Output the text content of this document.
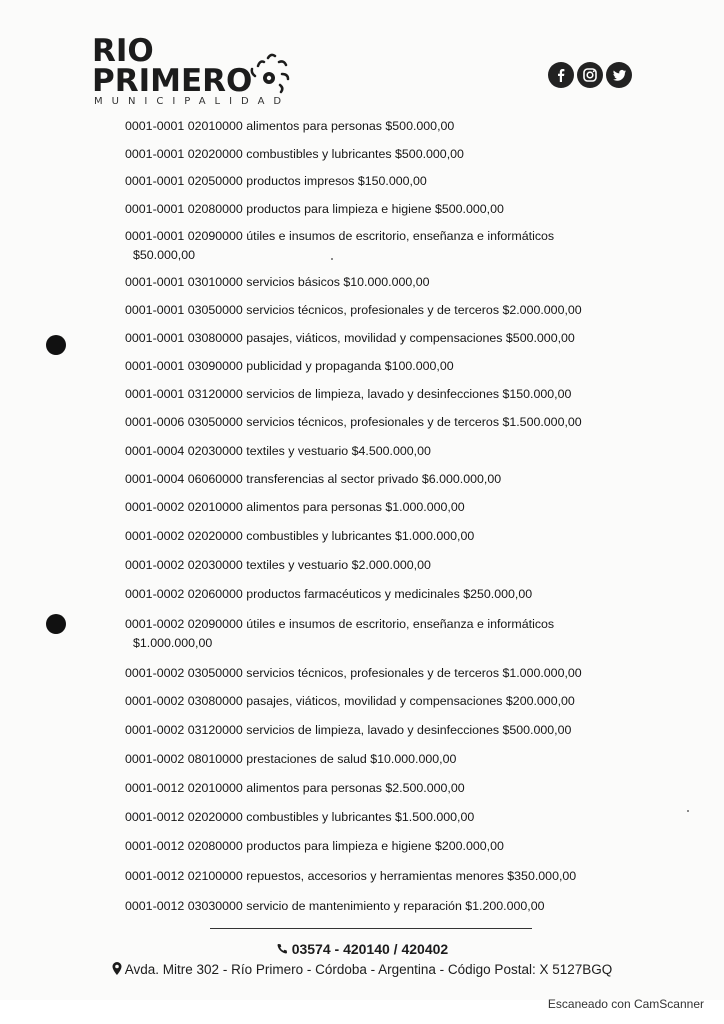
RIO
PRIMERO
MUNICIPALIDAD
0001-0001 02010000 alimentos para personas $500.000,00
0001-0001 02020000 combustibles y lubricantes $500.000,00
0001-0001 02050000 productos impresos $150.000,00
0001-0001 02080000 productos para limpieza e higiene $500.000,00
0001-0001 02090000 útiles e insumos de escritorio, enseñanza e informáticos
$50.000,00
0001-0001 03010000 servicios básicos $10.000.000,00
0001-0001 03050000 servicios técnicos, profesionales y de terceros $2.000.000,00
0001-0001 03080000 pasajes, viáticos, movilidad y compensaciones $500.000,00
0001-0001 03090000 publicidad y propaganda $100.000,00
0001-0001 03120000 servicios de limpieza, lavado y desinfecciones $150.000,00
0001-0006 03050000 servicios técnicos, profesionales y de terceros $1.500.000,00
0001-0004 02030000 textiles y vestuario $4.500.000,00
0001-0004 06060000 transferencias al sector privado $6.000.000,00
0001-0002 02010000 alimentos para personas $1.000.000,00
0001-0002 02020000 combustibles y lubricantes $1.000.000,00
0001-0002 02030000 textiles y vestuario $2.000.000,00
0001-0002 02060000 productos farmacéuticos y medicinales $250.000,00
0001-0002 02090000 útiles e insumos de escritorio, enseñanza e informáticos
$1.000.000,00
0001-0002 03050000 servicios técnicos, profesionales y de terceros $1.000.000,00
0001-0002 03080000 pasajes, viáticos, movilidad y compensaciones $200.000,00
0001-0002 03120000 servicios de limpieza, lavado y desinfecciones $500.000,00
0001-0002 08010000 prestaciones de salud $10.000.000,00
0001-0012 02010000 alimentos para personas $2.500.000,00
0001-0012 02020000 combustibles y lubricantes $1.500.000,00
0001-0012 02080000 productos para limpieza e higiene $200.000,00
0001-0012 02100000 repuestos, accesorios y herramientas menores $350.000,00
0001-0012 03030000 servicio de mantenimiento y reparación $1.200.000,00
03574 - 420140 / 420402
Avda. Mitre 302 - Río Primero - Córdoba - Argentina - Código Postal: X 5127BGQ
Escaneado con CamScanner
